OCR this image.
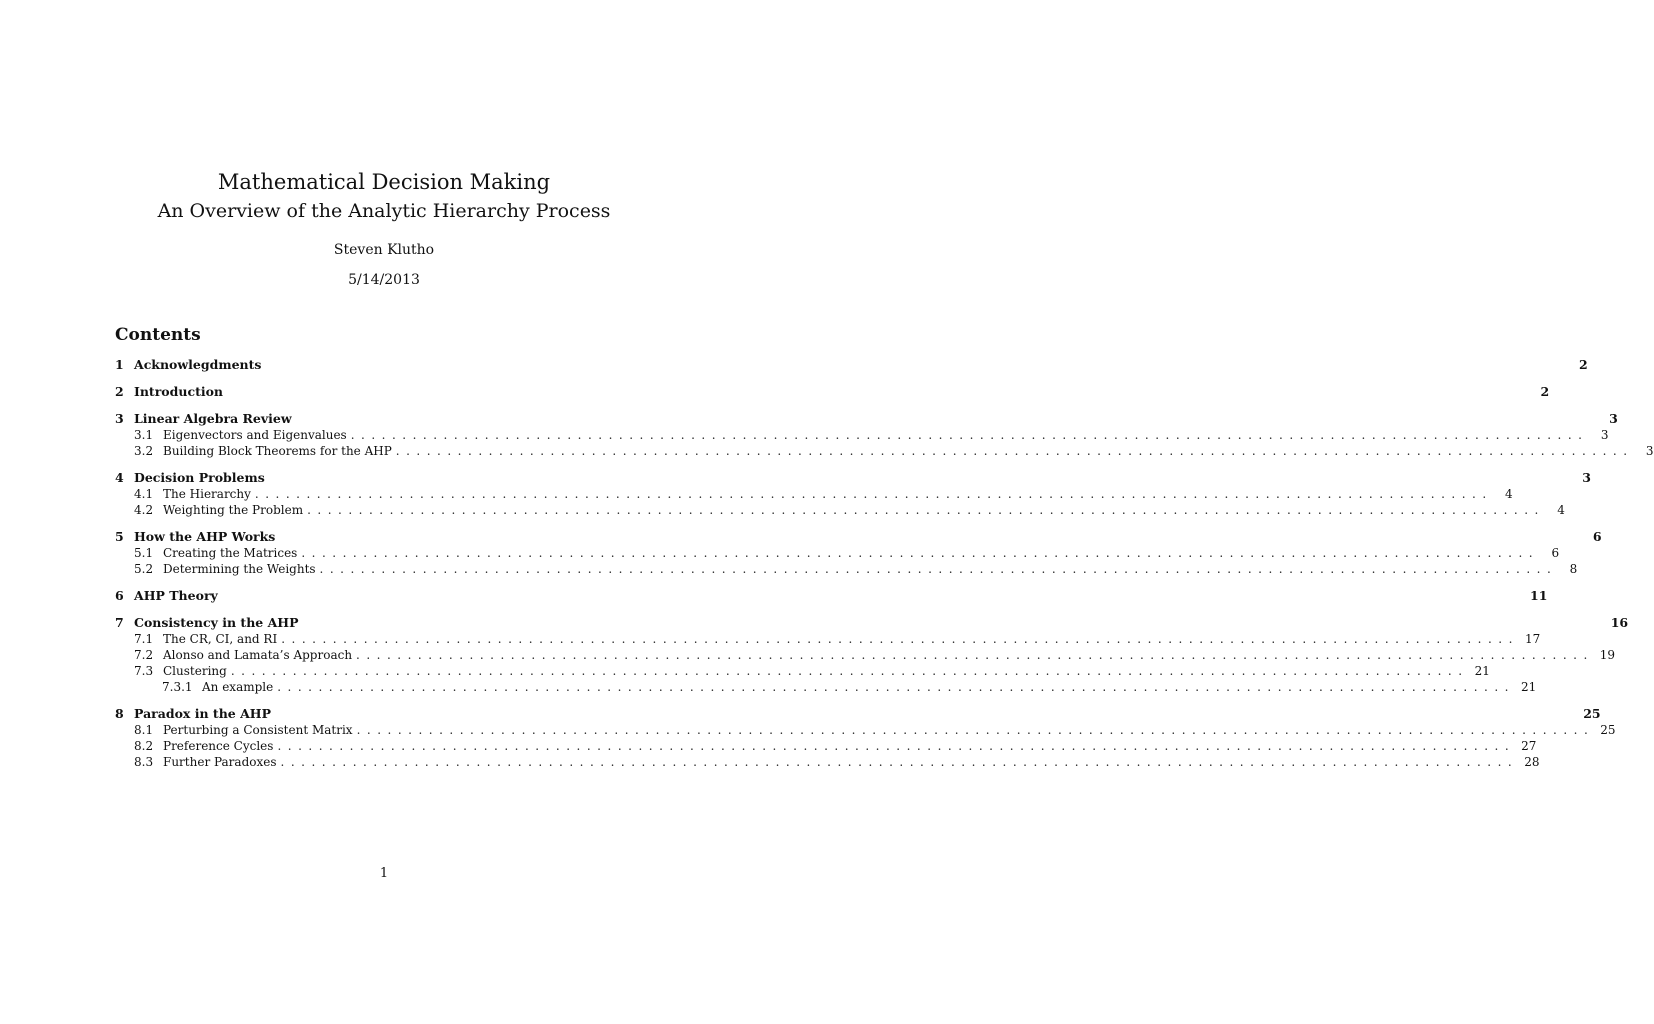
Mathematical Decision Making
An Overview of the Analytic Hierarchy Process
Steven Klutho
5/14/2013
Contents
1 Acknowlegdments	2
2 Introduction	2
3 Linear Algebra Review	3
3.1 Eigenvectors and Eigenvalues ........................................................................................................................	3
3.2 Building Block Theorems for the AHP ........................................................................................................................	3
4 Decision Problems	3
4.1 The Hierarchy ........................................................................................................................	4
4.2 Weighting the Problem ........................................................................................................................	4
5 How the AHP Works	6
5.1 Creating the Matrices ........................................................................................................................	6
5.2 Determining the Weights ........................................................................................................................	8
6 AHP Theory	11
7 Consistency in the AHP	16
7.1 The CR, CI, and RI ........................................................................................................................ 17
7.2 Alonso and Lamata’s Approach ........................................................................................................................ 19
7.3 Clustering ........................................................................................................................ 21
7.3.1 An example ........................................................................................................................ 21
8 Paradox in the AHP	25
8.1 Perturbing a Consistent Matrix ........................................................................................................................ 25
8.2 Preference Cycles ........................................................................................................................ 27
8.3 Further Paradoxes ........................................................................................................................ 28
1
